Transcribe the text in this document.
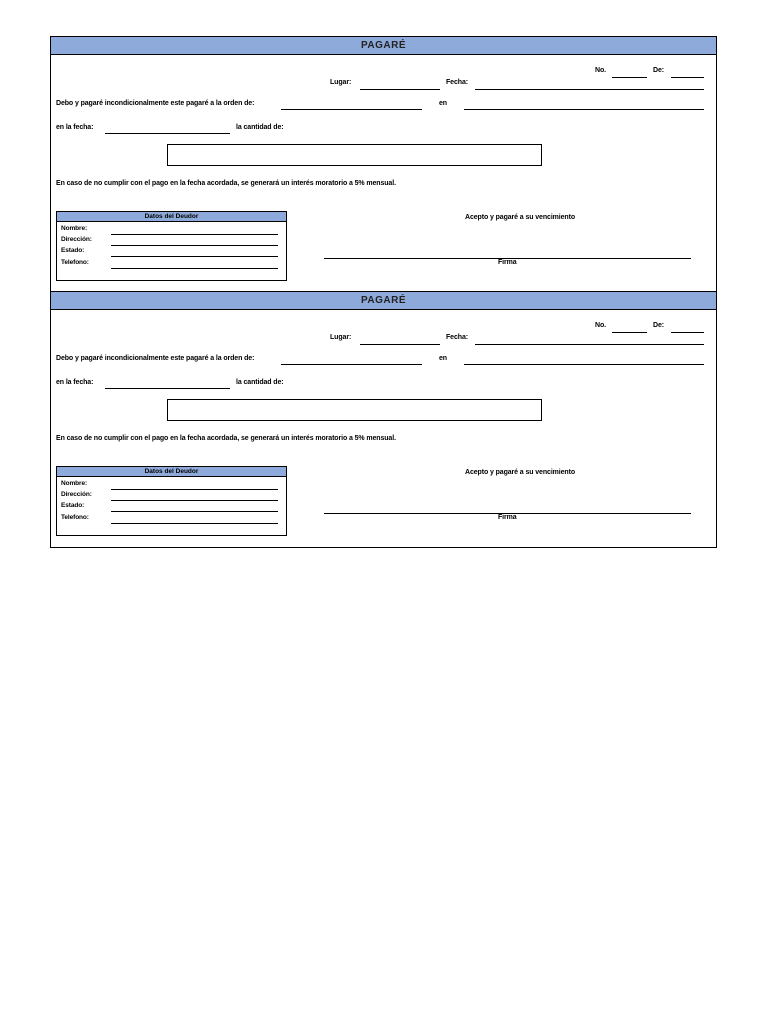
PAGARÉ
No.	De:
Lugar:	Fecha:
Debo y pagaré incondicionalmente este pagaré a la orden de:	en
en la fecha:	la cantidad de:
En caso de no cumplir con el pago en la fecha acordada, se generará un interés moratorio a 5% mensual.
Datos del Deudor
Nombre:
Dirección:
Estado:
Telefono:
Acepto y pagaré a su vencimiento
Firma
PAGARÉ
No.	De:
Lugar:	Fecha:
Debo y pagaré incondicionalmente este pagaré a la orden de:	en
en la fecha:	la cantidad de:
En caso de no cumplir con el pago en la fecha acordada, se generará un interés moratorio a 5% mensual.
Datos del Deudor
Nombre:
Dirección:
Estado:
Telefono:
Acepto y pagaré a su vencimiento
Firma
